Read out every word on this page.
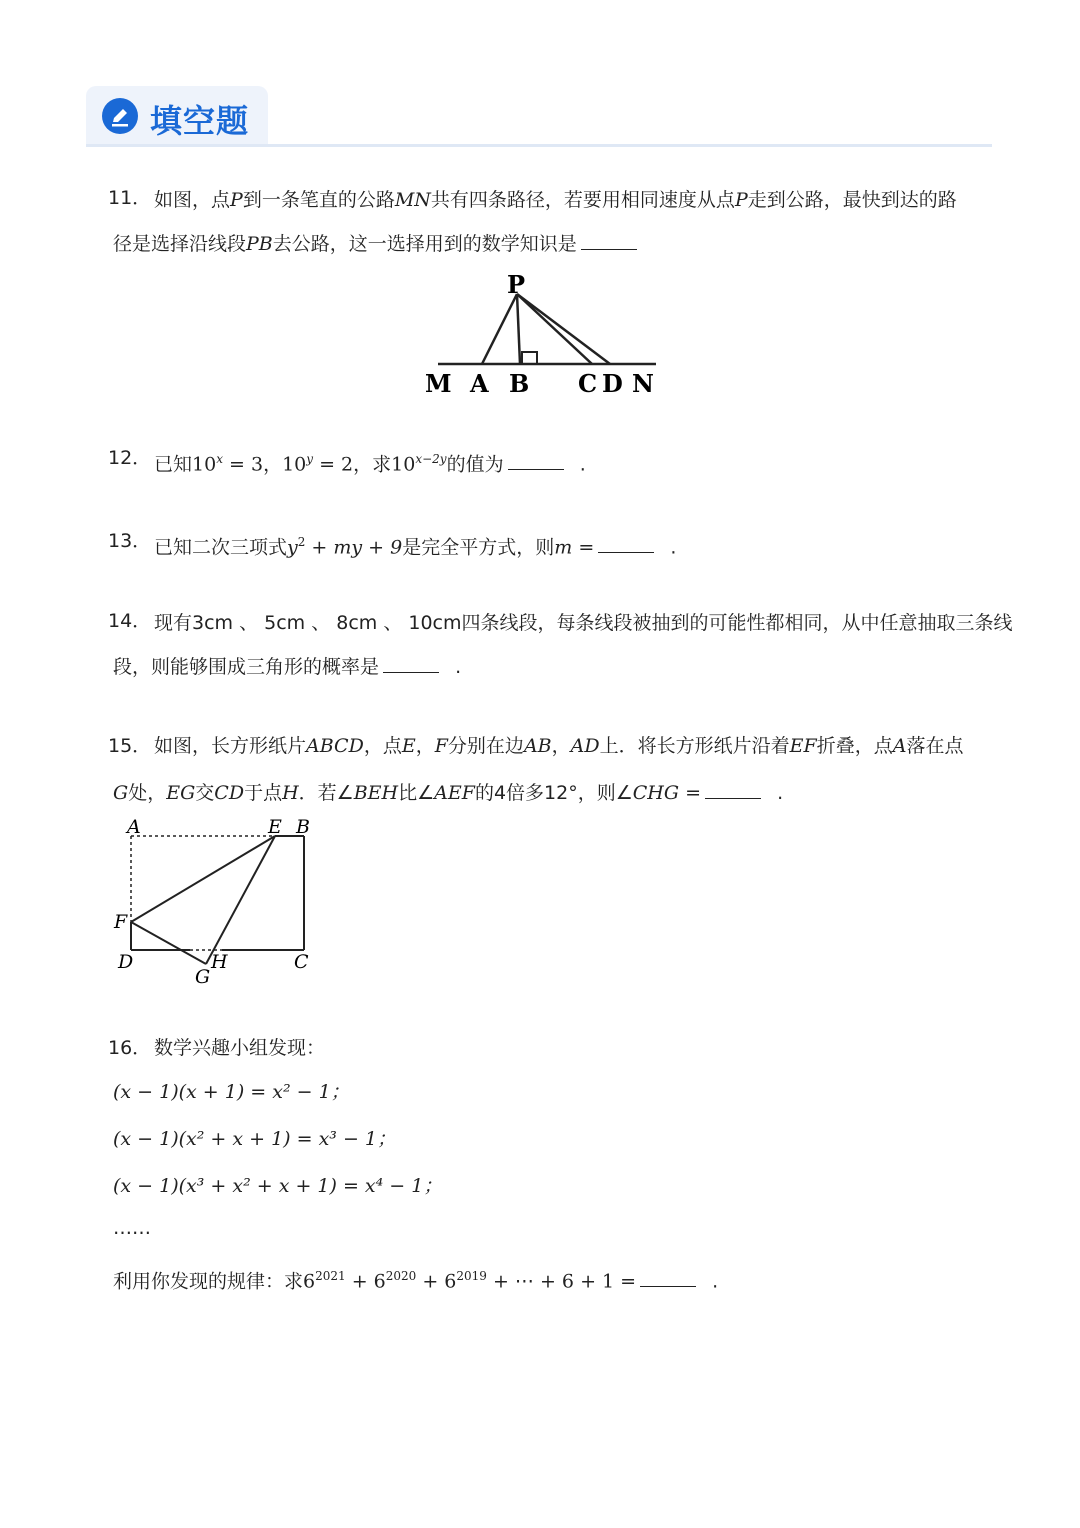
填空题
11． 如图，点P到一条笔直的公路MN共有四条路径，若要用相同速度从点P走到公路，最快到达的路
径是选择沿线段PB去公路，这一选择用到的数学知识是
P
M A B C D N
12． 已知$10^x = 3$，$10^y = 2$，求$10^{x-2y}$的值为	.
13． 已知二次三项式$y^2$ + my + 9是完全平方式，则m =	.
14． 现有3cm 、 5cm 、 8cm 、 10cm四条线段，每条线段被抽到的可能性都相同，从中任意抽取三条线
段，则能够围成三角形的概率是	.
15． 如图，长方形纸片ABCD，点E，F分别在边AB，AD上．将长方形纸片沿着EF折叠，点A落在点
G处，EG交CD于点H．若∠BEH比∠AEF的4倍多12°，则∠CHG =	.
A	E B
F
D
G
H	C
16． 数学兴趣小组发现：
(x − 1)(x + 1) = x² − 1；
(x − 1)(x² + x + 1) = x³ − 1；
(x − 1)(x³ + x² + x + 1) = x⁴ − 1；
……
利用你发现的规律：求$6^{2021} + 6^{2020} + 6^{2019}$ + ⋯ + 6 + 1 =	.
